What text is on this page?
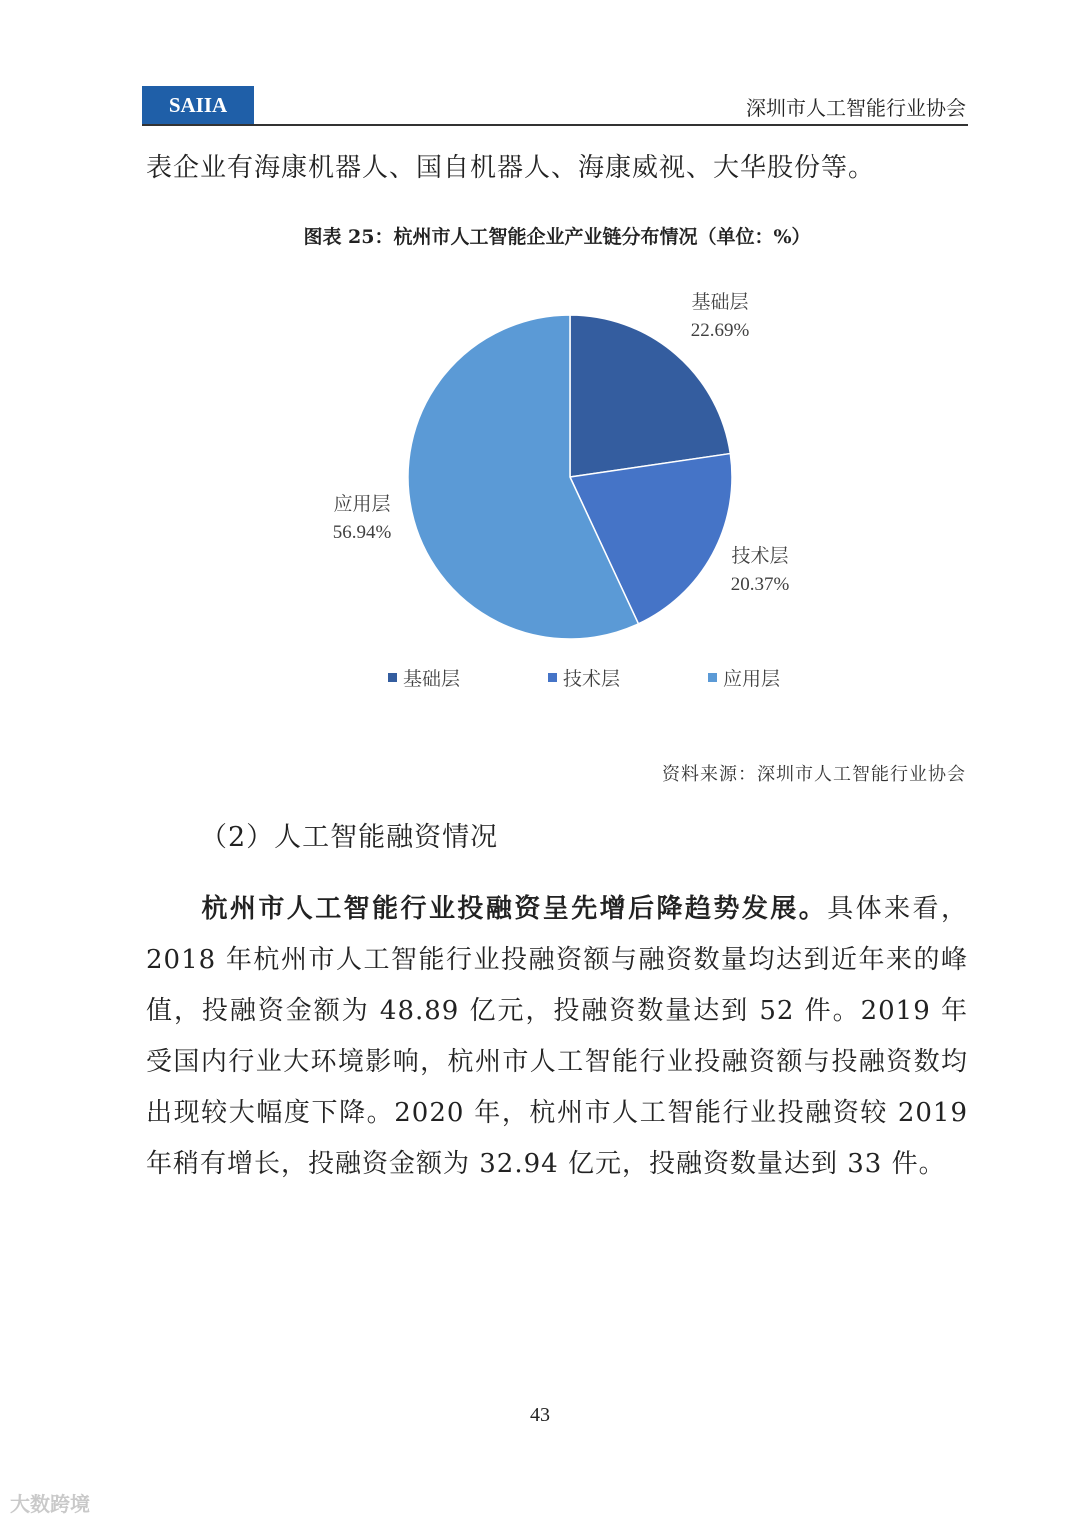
SAIIA	深圳市人工智能行业协会
表企业有海康机器人、国自机器人、海康威视、大华股份等。
图表 25：杭州市人工智能企业产业链分布情况（单位：%）
基础层
22.69%
技术层
20.37%
应用层
56.94%
基础层	技术层	应用层
资料来源：深圳市人工智能行业协会
（2）人工智能融资情况
杭州市人工智能行业投融资呈先增后降趋势发展。具体来看，2018 年杭州市人工智能行业投融资额与融资数量均达到近年来的峰值，投融资金额为 48.89 亿元，投融资数量达到 52 件。2019 年受国内行业大环境影响，杭州市人工智能行业投融资额与投融资数均出现较大幅度下降。2020 年，杭州市人工智能行业投融资较 2019 年稍有增长，投融资金额为 32.94 亿元，投融资数量达到 33 件。
43
大数跨境
